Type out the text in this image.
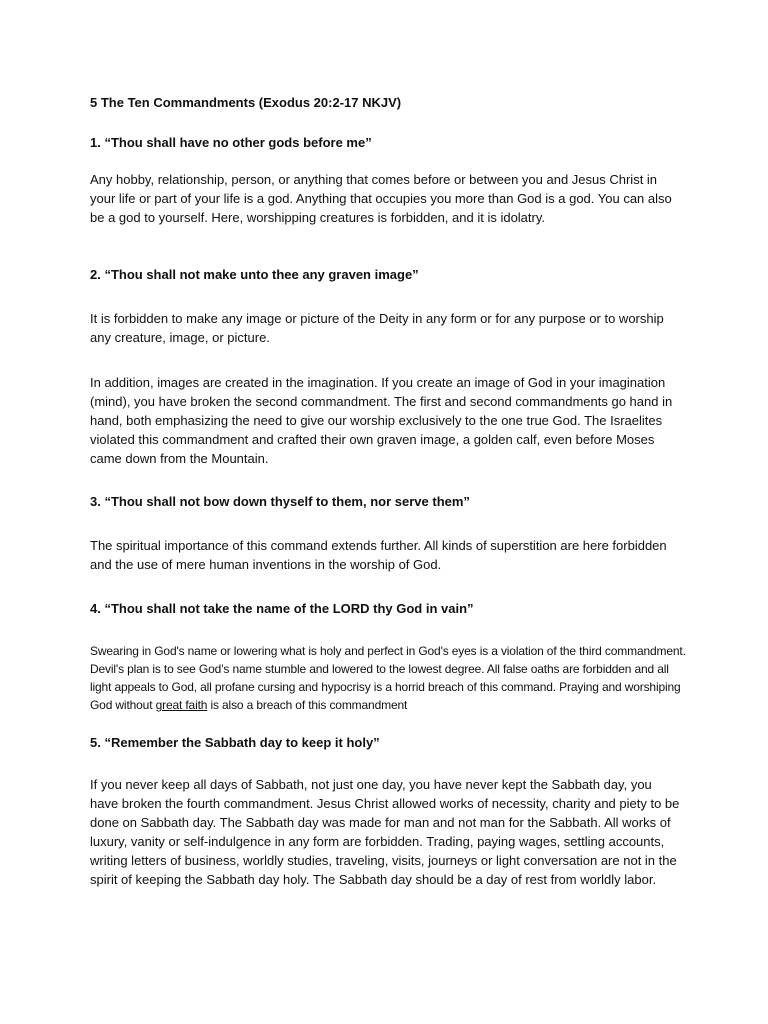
5 The Ten Commandments (Exodus 20:2-17 NKJV)
1. “Thou shall have no other gods before me”

Any hobby, relationship, person, or anything that comes before or between you and Jesus Christ in your life or part of your life is a god. Anything that occupies you more than God is a god. You can also be a god to yourself. Here, worshipping creatures is forbidden, and it is idolatry.

2. “Thou shall not make unto thee any graven image”

It is forbidden to make any image or picture of the Deity in any form or for any purpose or to worship any creature, image, or picture.

In addition, images are created in the imagination. If you create an image of God in your imagination (mind), you have broken the second commandment. The first and second commandments go hand in hand, both emphasizing the need to give our worship exclusively to the one true God. The Israelites violated this commandment and crafted their own graven image, a golden calf, even before Moses came down from the Mountain.

3. “Thou shall not bow down thyself to them, nor serve them”

The spiritual importance of this command extends further. All kinds of superstition are here forbidden and the use of mere human inventions in the worship of God.

4. “Thou shall not take the name of the LORD thy God in vain”

Swearing in God's name or lowering what is holy and perfect in God's eyes is a violation of the third commandment. Devil's plan is to see God’s name stumble and lowered to the lowest degree. All false oaths are forbidden and all light appeals to God, all profane cursing and hypocrisy is a horrid breach of this command. Praying and worshiping God without great faith is also a breach of this commandment

5. “Remember the Sabbath day to keep it holy”

If you never keep all days of Sabbath, not just one day, you have never kept the Sabbath day, you have broken the fourth commandment. Jesus Christ allowed works of necessity, charity and piety to be done on Sabbath day. The Sabbath day was made for man and not man for the Sabbath. All works of luxury, vanity or self-indulgence in any form are forbidden. Trading, paying wages, settling accounts, writing letters of business, worldly studies, traveling, visits, journeys or light conversation are not in the spirit of keeping the Sabbath day holy. The Sabbath day should be a day of rest from worldly labor.
